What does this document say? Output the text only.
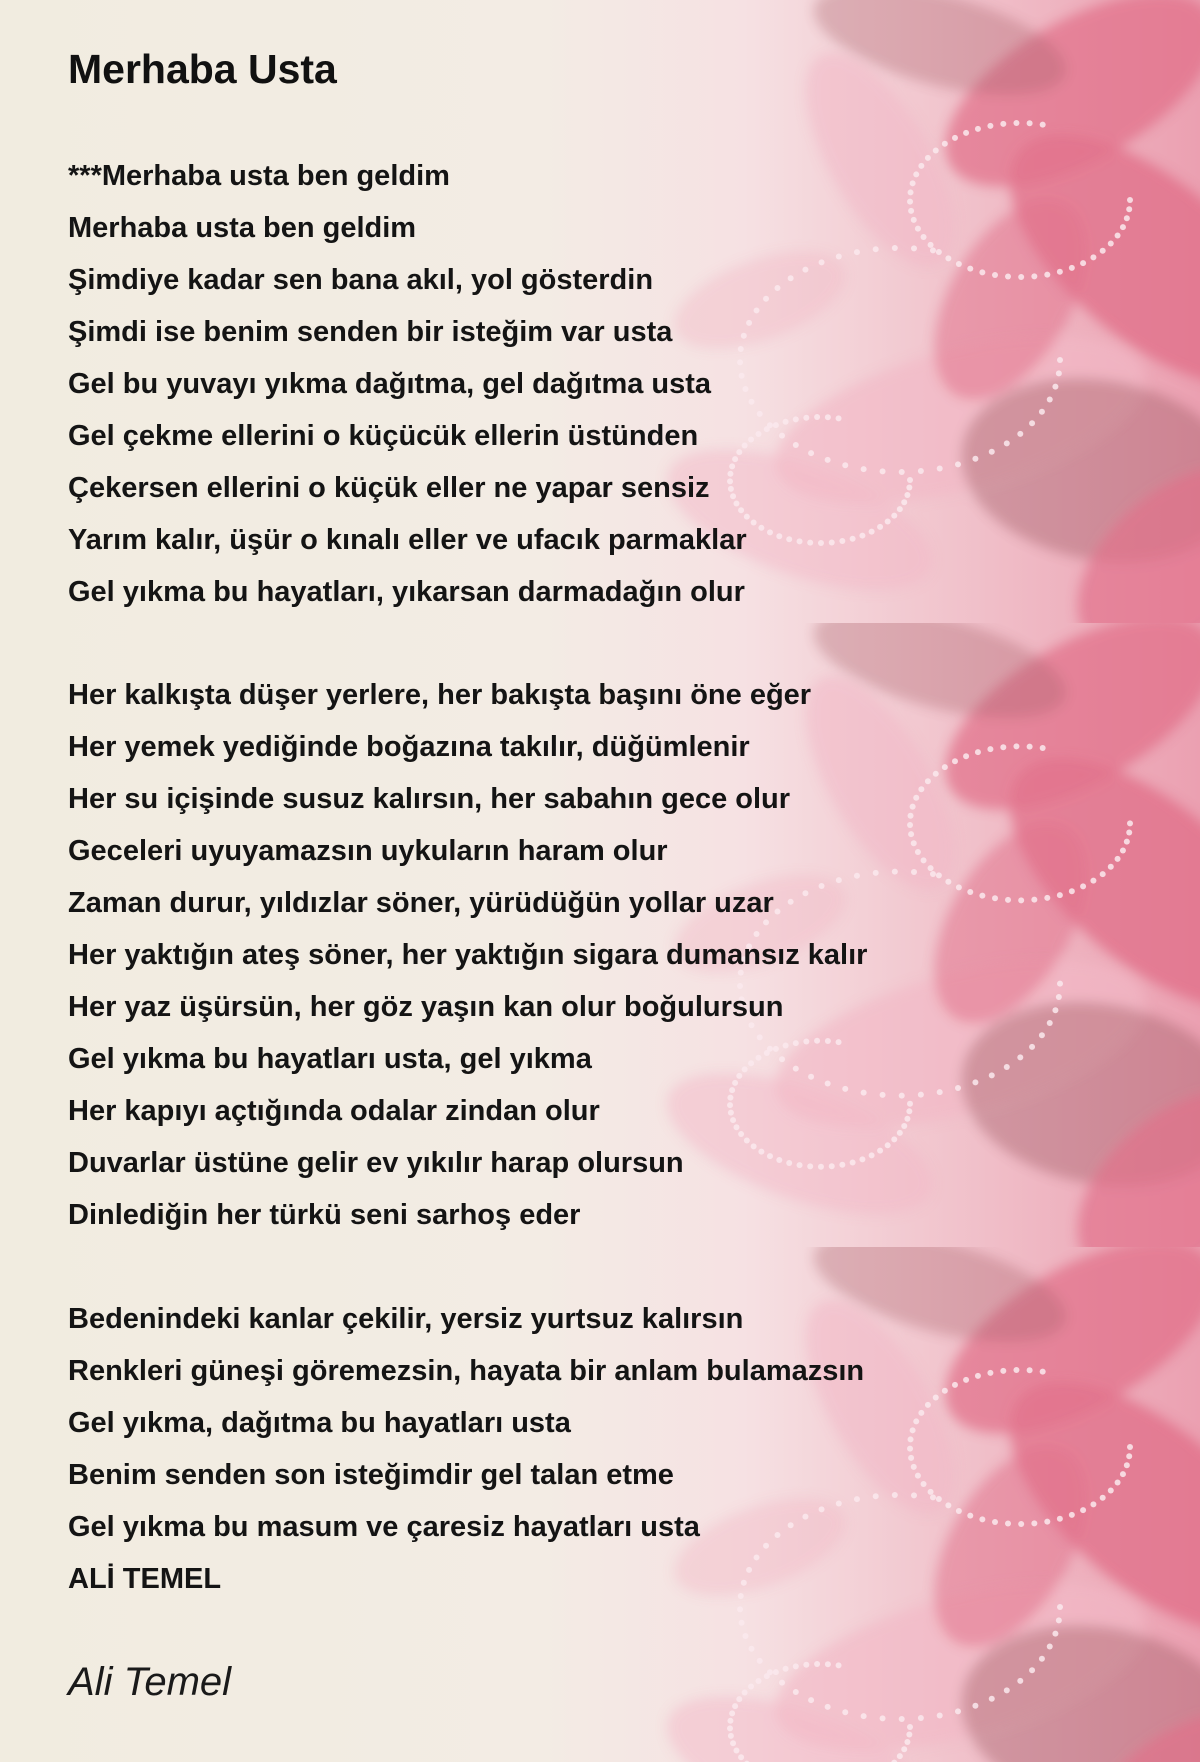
Merhaba Usta
***Merhaba usta ben geldim
Merhaba usta ben geldim
Şimdiye kadar sen bana akıl, yol gösterdin
Şimdi ise benim senden bir isteğim var usta
Gel bu yuvayı yıkma dağıtma, gel dağıtma usta
Gel çekme ellerini o küçücük ellerin üstünden
Çekersen ellerini o küçük eller ne yapar sensiz
Yarım kalır, üşür o kınalı eller ve ufacık parmaklar
Gel yıkma bu hayatları, yıkarsan darmadağın olur
Her kalkışta düşer yerlere, her bakışta başını öne eğer
Her yemek yediğinde boğazına takılır, düğümlenir
Her su içişinde susuz kalırsın, her sabahın gece olur
Geceleri uyuyamazsın uykuların haram olur
Zaman durur, yıldızlar söner, yürüdüğün yollar uzar
Her yaktığın ateş söner, her yaktığın sigara dumansız kalır
Her yaz üşürsün, her göz yaşın kan olur boğulursun
Gel yıkma bu hayatları usta, gel yıkma
Her kapıyı açtığında odalar zindan olur
Duvarlar üstüne gelir ev yıkılır harap olursun
Dinlediğin her türkü seni sarhoş eder
Bedenindeki kanlar çekilir, yersiz yurtsuz kalırsın
Renkleri güneşi göremezsin, hayata bir anlam bulamazsın
Gel yıkma, dağıtma bu hayatları usta
Benim senden son isteğimdir gel talan etme
Gel yıkma bu masum ve çaresiz hayatları usta
ALİ TEMEL
Ali Temel
